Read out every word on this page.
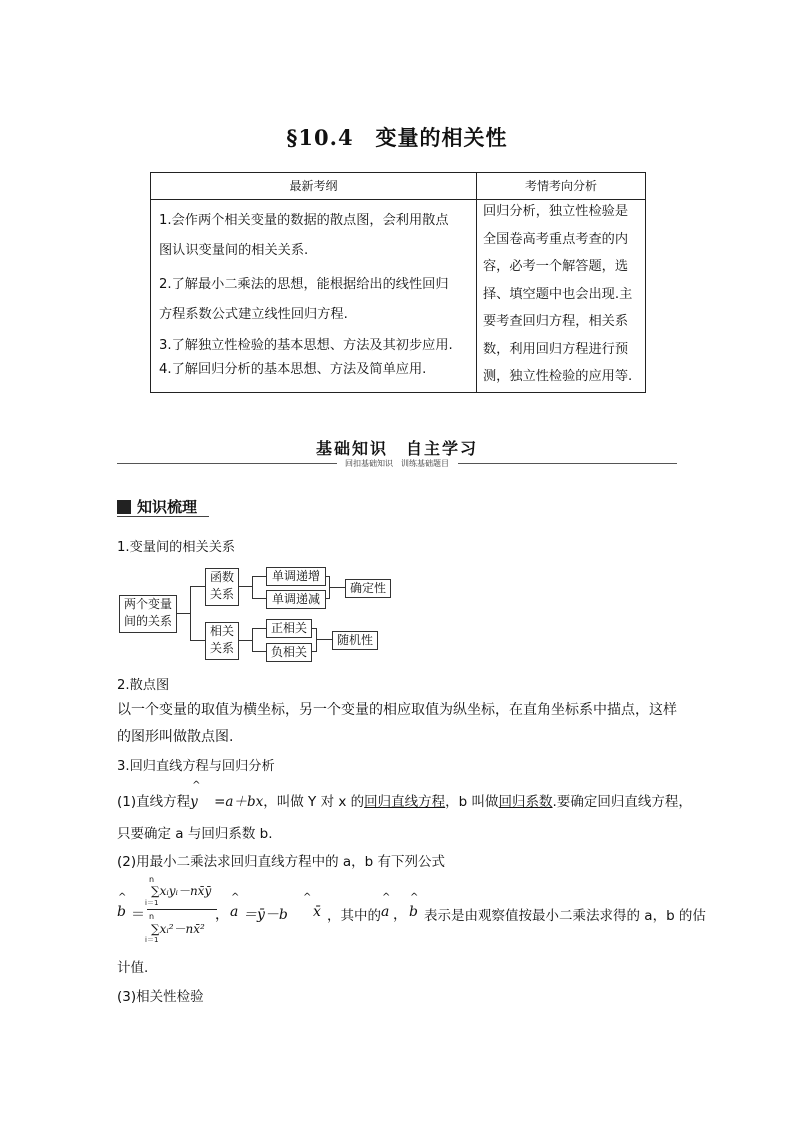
§10.4　变量的相关性
最新考纲	考情考向分析
1.会作两个相关变量的数据的散点图，会利用散点
图认识变量间的相关关系.
2.了解最小二乘法的思想，能根据给出的线性回归
方程系数公式建立线性回归方程.
3.了解独立性检验的基本思想、方法及其初步应用.
4.了解回归分析的基本思想、方法及简单应用.
回归分析，独立性检验是
全国卷高考重点考查的内
容，必考一个解答题，选
择、填空题中也会出现.主
要考查回归方程，相关系
数，利用回归方程进行预
测，独立性检验的应用等.
基础知识　自主学习
回扣基础知识　训练基础题目
知识梳理
1.变量间的相关关系
两个变量
间的关系
函数
关系
单调递增
单调递减
确定性
相关
关系
正相关
负相关
随机性
2.散点图
以一个变量的取值为横坐标，另一个变量的相应取值为纵坐标，在直角坐标系中描点，这样
的图形叫做散点图.
3.回归直线方程与回归分析
(1)直线方程y
^
=a＋bx，叫做 Y 对 x 的回归直线方程，b 叫做回归系数.要确定回归直线方程，
只要确定 a 与回归系数 b.
(2)用最小二乘法求回归直线方程中的 a，b 有下列公式
b
^
＝
n
∑xᵢyᵢ－nx̄ȳ
i＝1
n
∑xᵢ²－nx̄²
i＝1
， a
^
＝ȳ－b
^
x̄ ，其中的 a
^
， b
^
表示是由观察值按最小二乘法求得的 a，b 的估
计值.
(3)相关性检验
